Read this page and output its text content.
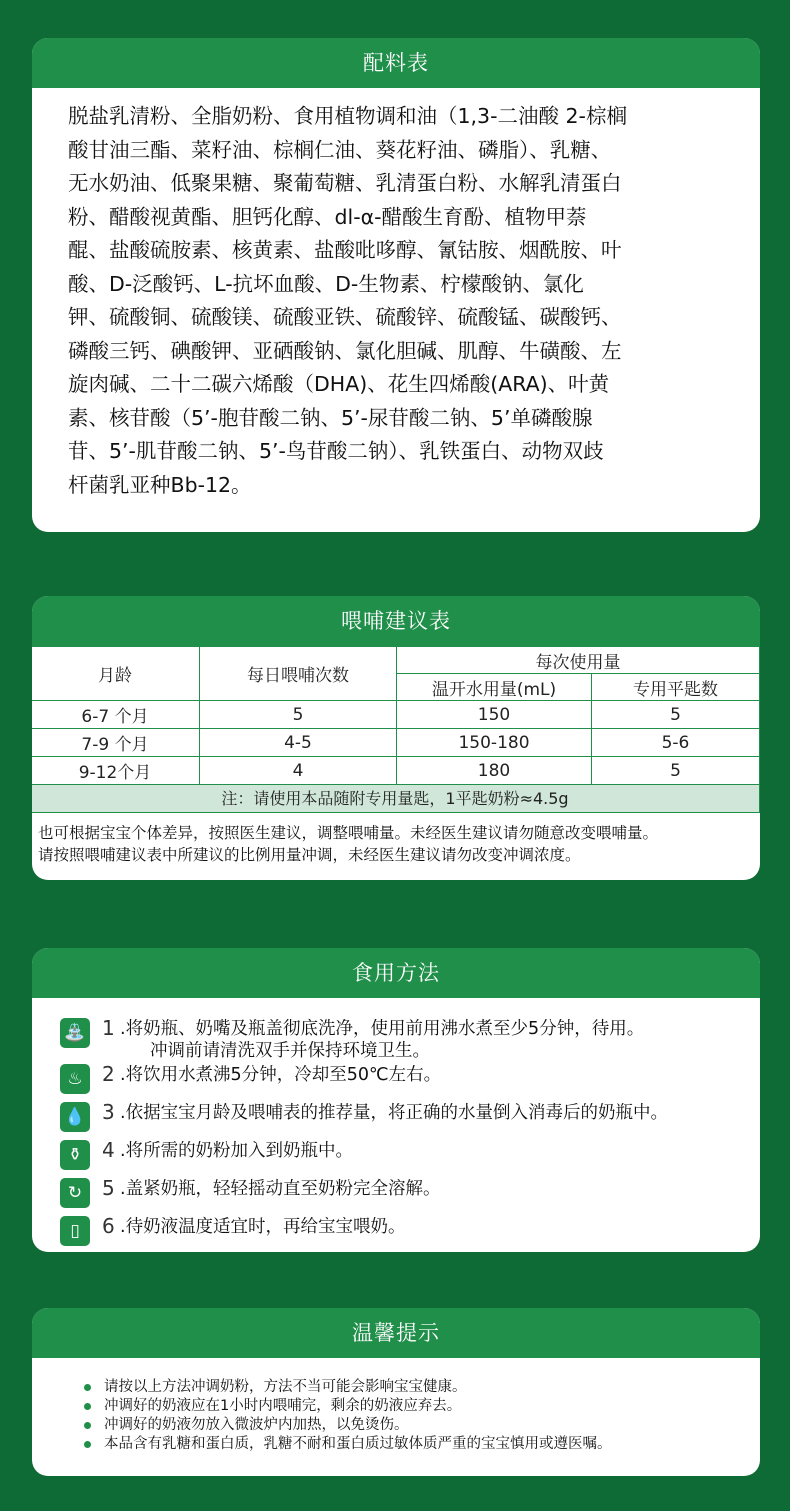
配料表
脱盐乳清粉、全脂奶粉、食用植物调和油（1,3-二油酸 2-棕榈
酸甘油三酯、菜籽油、棕榈仁油、葵花籽油、磷脂）、乳糖、
无水奶油、低聚果糖、聚葡萄糖、乳清蛋白粉、水解乳清蛋白
粉、醋酸视黄酯、胆钙化醇、dl-α-醋酸生育酚、植物甲萘
醌、盐酸硫胺素、核黄素、盐酸吡哆醇、氰钴胺、烟酰胺、叶
酸、D-泛酸钙、L-抗坏血酸、D-生物素、柠檬酸钠、氯化
钾、硫酸铜、硫酸镁、硫酸亚铁、硫酸锌、硫酸锰、碳酸钙、
磷酸三钙、碘酸钾、亚硒酸钠、氯化胆碱、肌醇、牛磺酸、左
旋肉碱、二十二碳六烯酸（DHA)、花生四烯酸(ARA)、叶黄
素、核苷酸（5’-胞苷酸二钠、5’-尿苷酸二钠、5’单磷酸腺
苷、5’-肌苷酸二钠、5’-鸟苷酸二钠）、乳铁蛋白、动物双歧
杆菌乳亚种Bb-12。
喂哺建议表
月龄	每日喂哺次数	每次使用量	
		温开水用量(mL)	专用平匙数
6-7 个月	5	150	5
7-9 个月	4-5	150-180	5-6
9-12个月	4	180	5
注：请使用本品随附专用量匙，1平匙奶粉≈4.5g			
也可根据宝宝个体差异，按照医生建议，调整喂哺量。未经医生建议请勿随意改变喂哺量。
请按照喂哺建议表中所建议的比例用量冲调，未经医生建议请勿改变冲调浓度。
食用方法
⛲ 1 .将奶瓶、奶嘴及瓶盖彻底洗净，使用前用沸水煮至少5分钟，待用。
冲调前请清洗双手并保持环境卫生。
♨ 2 .将饮用水煮沸5分钟，冷却至50℃左右。
💧 3 .依据宝宝月龄及喂哺表的推荐量，将正确的水量倒入消毒后的奶瓶中。
⚱ 4 .将所需的奶粉加入到奶瓶中。
↻ 5 .盖紧奶瓶，轻轻摇动直至奶粉完全溶解。
▯	6 .待奶液温度适宜时，再给宝宝喂奶。
温馨提示
请按以上方法冲调奶粉，方法不当可能会影响宝宝健康。
冲调好的奶液应在1小时内喂哺完，剩余的奶液应弃去。
冲调好的奶液勿放入微波炉内加热，以免烫伤。
本品含有乳糖和蛋白质，乳糖不耐和蛋白质过敏体质严重的宝宝慎用或遵医嘱。
